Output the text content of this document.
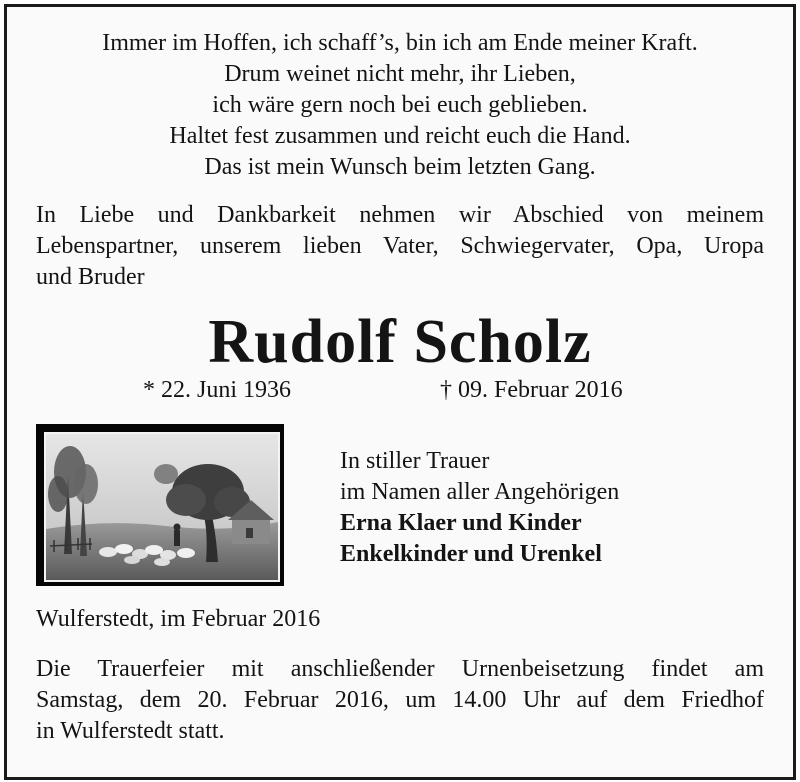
Immer im Hoffen, ich schaff’s, bin ich am Ende meiner Kraft.
Drum weinet nicht mehr, ihr Lieben,
ich wäre gern noch bei euch geblieben.
Haltet fest zusammen und reicht euch die Hand.
Das ist mein Wunsch beim letzten Gang.
In Liebe und Dankbarkeit nehmen wir Abschied von meinem
Lebenspartner, unserem lieben Vater, Schwiegervater, Opa, Uropa
und Bruder
Rudolf Scholz
* 22. Juni 1936	† 09. Februar 2016
In stiller Trauer
im Namen aller Angehörigen
Erna Klaer und Kinder
Enkelkinder und Urenkel
Wulferstedt, im Februar 2016
Die Trauerfeier mit anschließender Urnenbeisetzung findet am
Samstag, dem 20. Februar 2016, um 14.00 Uhr auf dem Friedhof
in Wulferstedt statt.
